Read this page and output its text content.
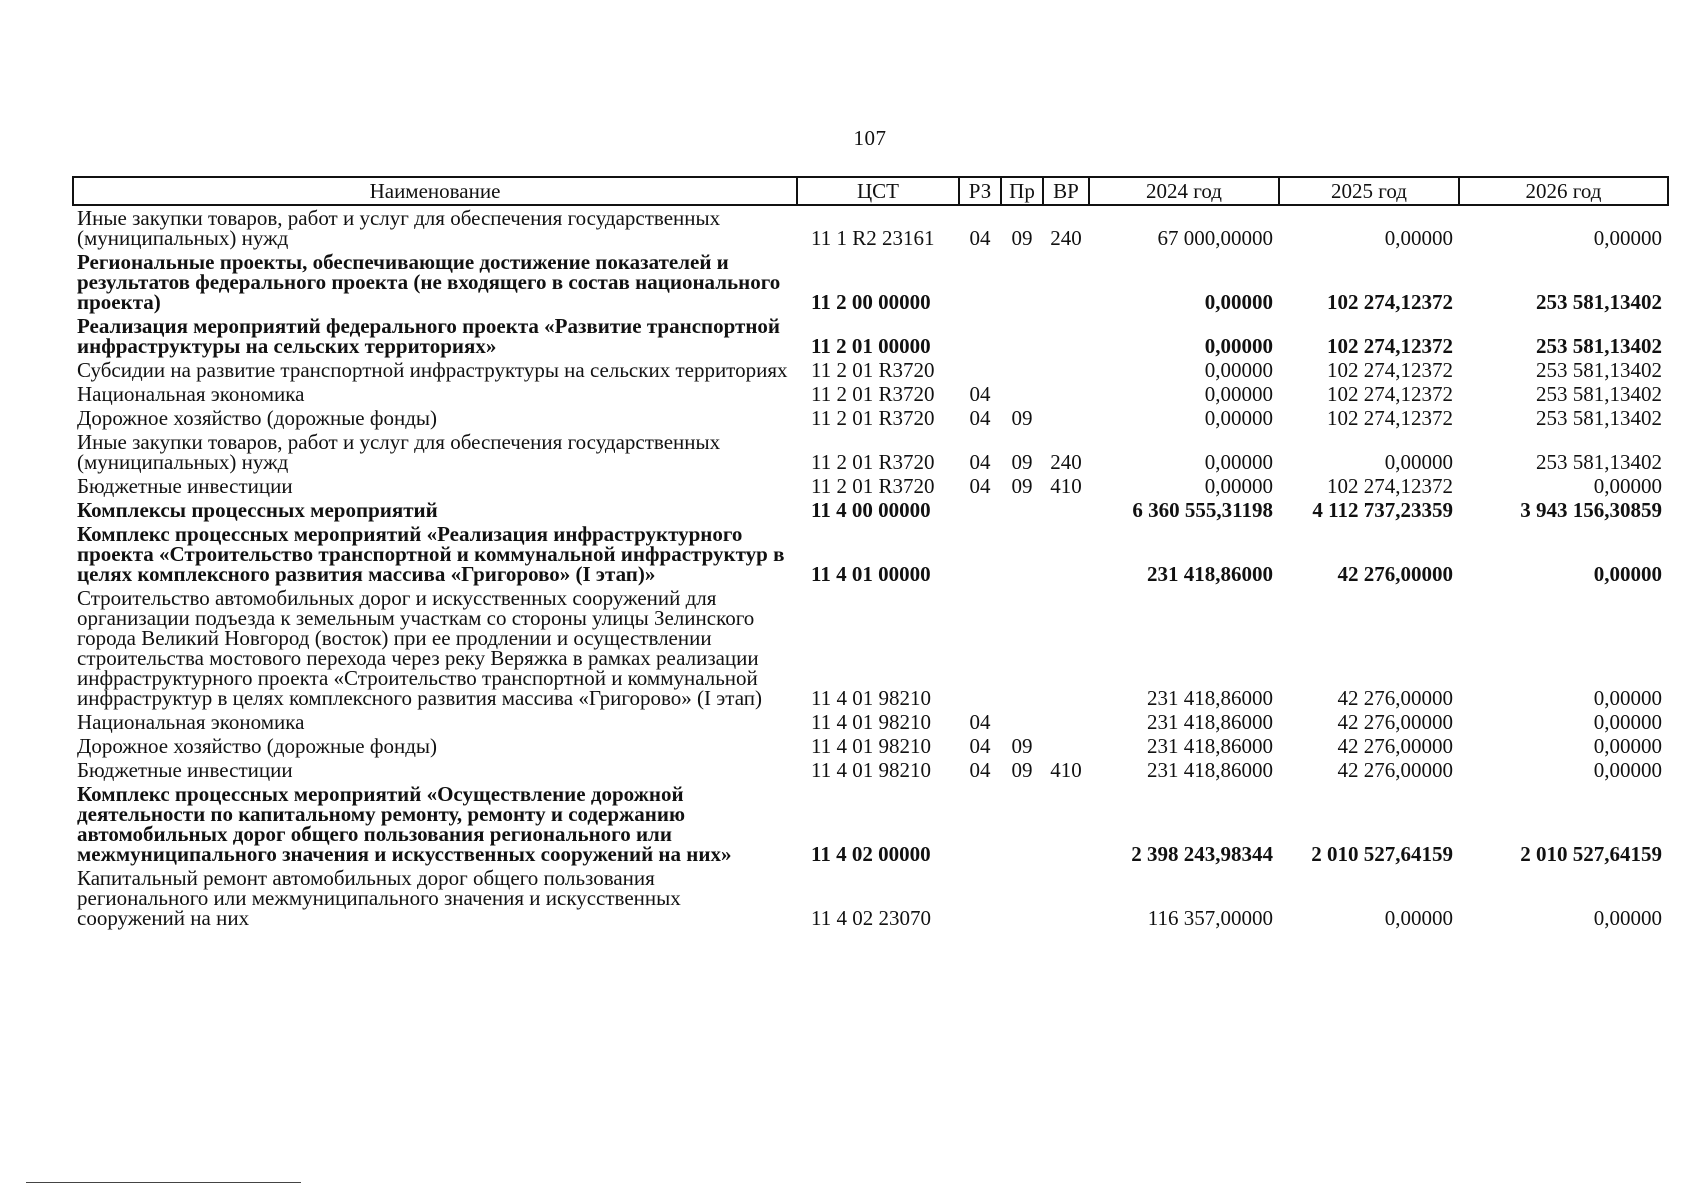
107
Наименование	ЦСТ	РЗ	Пр	ВР	2024 год	2025 год	2026 год
Иные закупки товаров, работ и услуг для обеспечения государственных (муниципальных) нужд	11 1 R2 23161	04	09	240	67 000,00000	0,00000	0,00000
Региональные проекты, обеспечивающие достижение показателей и результатов федерального проекта (не входящего в состав национального проекта)	11 2 00 00000				0,00000	102 274,12372	253 581,13402
Реализация мероприятий федерального проекта «Развитие транспортной инфраструктуры на сельских территориях»	11 2 01 00000				0,00000	102 274,12372	253 581,13402
Субсидии на развитие транспортной инфраструктуры на сельских территориях	11 2 01 R3720				0,00000	102 274,12372	253 581,13402
Национальная экономика	11 2 01 R3720	04			0,00000	102 274,12372	253 581,13402
Дорожное хозяйство (дорожные фонды)	11 2 01 R3720	04	09		0,00000	102 274,12372	253 581,13402
Иные закупки товаров, работ и услуг для обеспечения государственных (муниципальных) нужд	11 2 01 R3720	04	09	240	0,00000	0,00000	253 581,13402
Бюджетные инвестиции	11 2 01 R3720	04	09	410	0,00000	102 274,12372	0,00000
Комплексы процессных мероприятий	11 4 00 00000				6 360 555,31198	4 112 737,23359	3 943 156,30859
Комплекс процессных мероприятий «Реализация инфраструктурного проекта «Строительство транспортной и коммунальной инфраструктур в целях комплексного развития массива «Григорово» (I этап)»	11 4 01 00000				231 418,86000	42 276,00000	0,00000
Строительство автомобильных дорог и искусственных сооружений для организации подъезда к земельным участкам со стороны улицы Зелинского города Великий Новгород (восток) при ее продлении и осуществлении строительства мостового перехода через реку Веряжка в рамках реализации инфраструктурного проекта «Строительство транспортной и коммунальной инфраструктур в целях комплексного развития массива «Григорово» (I этап)	11 4 01 98210				231 418,86000	42 276,00000	0,00000
Национальная экономика	11 4 01 98210	04			231 418,86000	42 276,00000	0,00000
Дорожное хозяйство (дорожные фонды)	11 4 01 98210	04	09		231 418,86000	42 276,00000	0,00000
Бюджетные инвестиции	11 4 01 98210	04	09	410	231 418,86000	42 276,00000	0,00000
Комплекс процессных мероприятий «Осуществление дорожной деятельности по капитальному ремонту, ремонту и содержанию автомобильных дорог общего пользования регионального или межмуниципального значения и искусственных сооружений на них»	11 4 02 00000				2 398 243,98344	2 010 527,64159	2 010 527,64159
Капитальный ремонт автомобильных дорог общего пользования регионального или межмуниципального значения и искусственных сооружений на них	11 4 02 23070				116 357,00000	0,00000	0,00000
